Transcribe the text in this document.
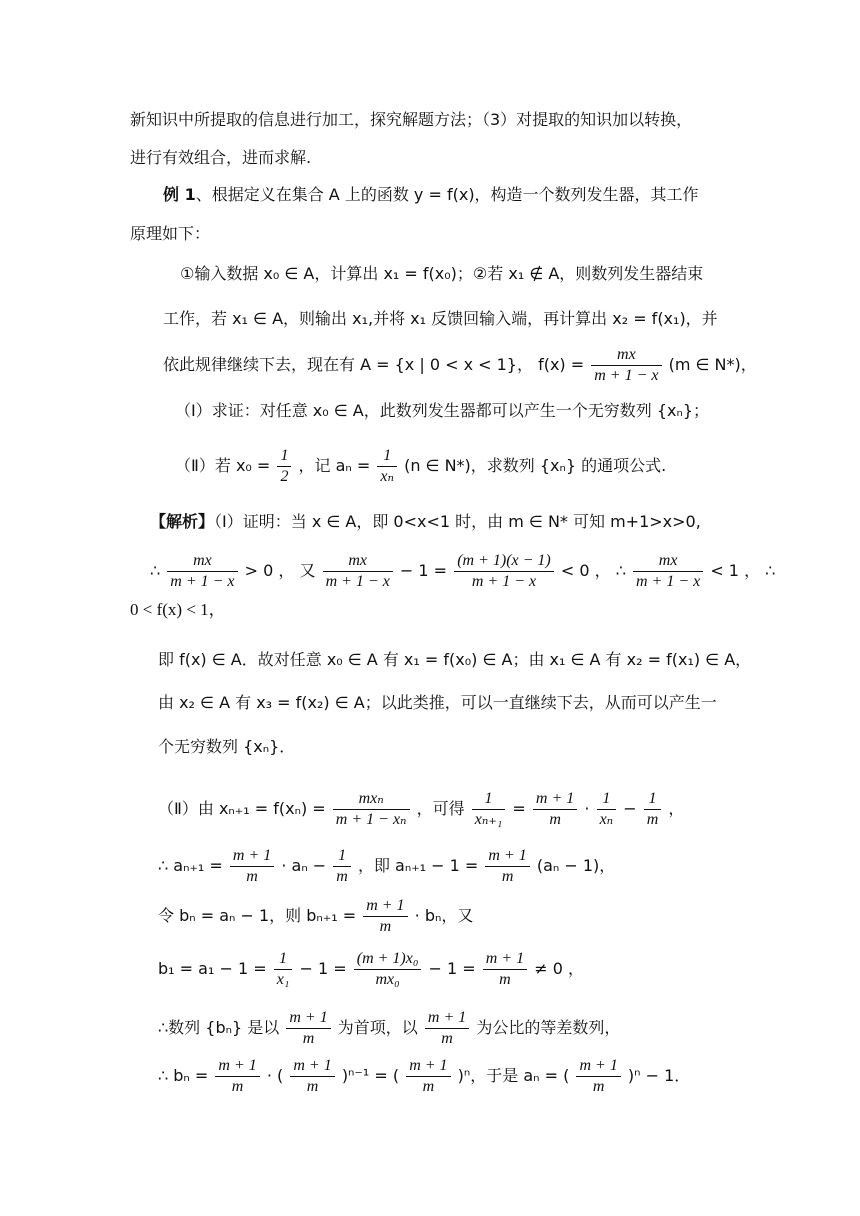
新知识中所提取的信息进行加工，探究解题方法；（3）对提取的知识加以转换，
进行有效组合，进而求解.
例 1、根据定义在集合 A 上的函数 y = f(x)，构造一个数列发生器，其工作
原理如下：
①输入数据 x₀ ∈ A，计算出 x₁ = f(x₀)；②若 x₁ ∉ A，则数列发生器结束
工作，若 x₁ ∈ A，则输出 x₁,并将 x₁ 反馈回输入端，再计算出 x₂ = f(x₁)，并
依此规律继续下去，现在有 A = {x | 0 < x < 1}， $f(x) = \frac{mx}{m + 1 - x} (m$ ∈ N*)，
（Ⅰ）求证：对任意 x₀ ∈ A，此数列发生器都可以产生一个无穷数列 {xₙ}；
（Ⅱ）若 $x_0 = \frac{1}{2}$ ，记 $a_n = \frac{1}{\text{xₙ}} (n$ ∈ N*)，求数列 {xₙ} 的通项公式.
【解析】（Ⅰ）证明：当 x ∈ A，即 0<x<1 时，由 m ∈ N* 可知 m+1>x>0,
∴ $\frac{mx}{m + 1 - x} > 0$ ， 又 $\frac{mx}{m + 1 - x} - 1 = \frac{(m + 1)(x - 1)}{m + 1 - x} < 0$ ， ∴ $\frac{mx}{m + 1 - x} < 1$ ， ∴
0 < f(x) < 1，
即 f(x) ∈ A．故对任意 x₀ ∈ A 有 x₁ = f(x₀) ∈ A；由 x₁ ∈ A 有 x₂ = f(x₁) ∈ A，
由 x₂ ∈ A 有 x₃ = f(x₂) ∈ A；以此类推，可以一直继续下去，从而可以产生一
个无穷数列 {xₙ}．
（Ⅱ）由 $x_{n+1} = f(x_n) = \frac{\text{mxₙ}}{\text{m + 1 − xₙ}}$ ，可得 $\frac{1}{\text{xₙ₊₁}} = \frac{m + 1}{m} \cdot \frac{1}{\text{xₙ}} - \frac{1}{m}$ ，
∴ $a_{n+1} = \frac{m + 1}{m} \cdot a_n - \frac{1}{m}$ ，即 $a_{n+1} - 1 = \frac{m + 1}{m} (a_n - 1)$，
令 bₙ = aₙ − 1，则 $b_{n+1} = \frac{m + 1}{m} \cdot b_n$，又
$b_1 = a_1 - 1 = \frac{1}{\text{x₁}} - 1 = \frac{\text{(m + 1)x₀}}{\text{mx₀}} - 1 = \frac{m + 1}{m} \ne 0$ ，
∴数列 {bₙ} 是以 $\frac{m + 1}{m}$ 为首项，以 $\frac{m + 1}{m}$ 为公比的等差数列，
∴ $b_n = \frac{m + 1}{m}$ · ( $\frac{m + 1}{m} )^{n-1}$ = ( $\frac{m + 1}{m} )^n$，于是 aₙ = ( $\frac{m + 1}{m} )^n - 1$．
